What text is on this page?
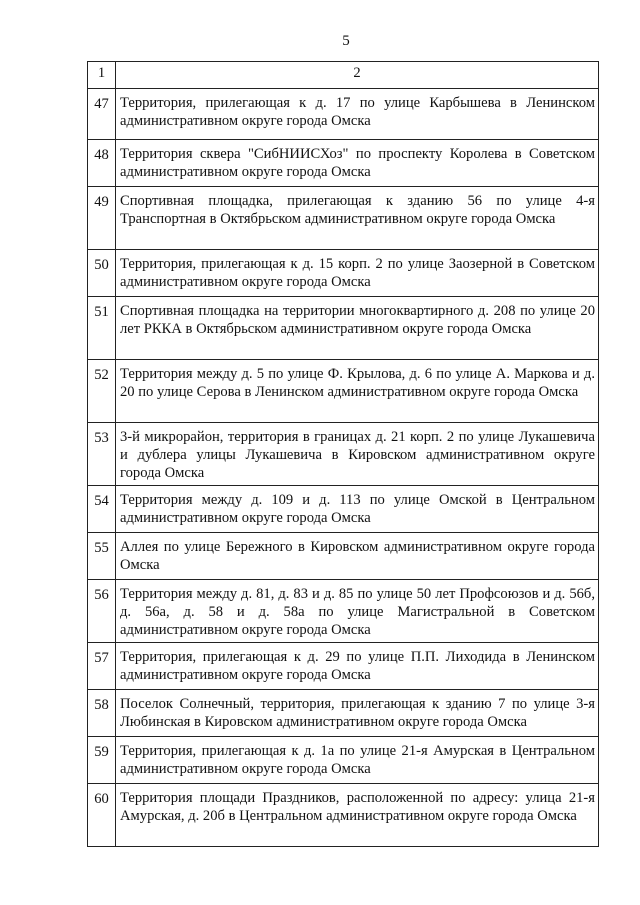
5
1	2
47	Территория, прилегающая к д. 17 по улице Карбышева в Ленинском административном округе города Омска
48	Территория сквера "СибНИИСХоз" по проспекту Королева в Советском административном округе города Омска
49	Спортивная площадка, прилегающая к зданию 56 по улице 4-я Транспортная в Октябрьском административном округе города Омска
50	Территория, прилегающая к д. 15 корп. 2 по улице Заозерной в Советском административном округе города Омска
51	Спортивная площадка на территории многоквартирного д. 208 по улице 20 лет РККА в Октябрьском административном округе города Омска
52	Территория между д. 5 по улице Ф. Крылова, д. 6 по улице А. Маркова и д. 20 по улице Серова в Ленинском административном округе города Омска
53	3-й микрорайон, территория в границах д. 21 корп. 2 по улице Лукашевича и дублера улицы Лукашевича в Кировском административном округе города Омска
54	Территория между д. 109 и д. 113 по улице Омской в Центральном административном округе города Омска
55	Аллея по улице Бережного в Кировском административном округе города Омска
56	Территория между д. 81, д. 83 и д. 85 по улице 50 лет Профсоюзов и д. 56б, д. 56а, д. 58 и д. 58а по улице Магистральной в Советском административном округе города Омска
57	Территория, прилегающая к д. 29 по улице П.П. Лиходида в Ленинском административном округе города Омска
58	Поселок Солнечный, территория, прилегающая к зданию 7 по улице 3-я Любинская в Кировском административном округе города Омска
59	Территория, прилегающая к д. 1а по улице 21-я Амурская в Центральном административном округе города Омска
60	Территория площади Праздников, расположенной по адресу: улица 21-я Амурская, д. 20б в Центральном административном округе города Омска
